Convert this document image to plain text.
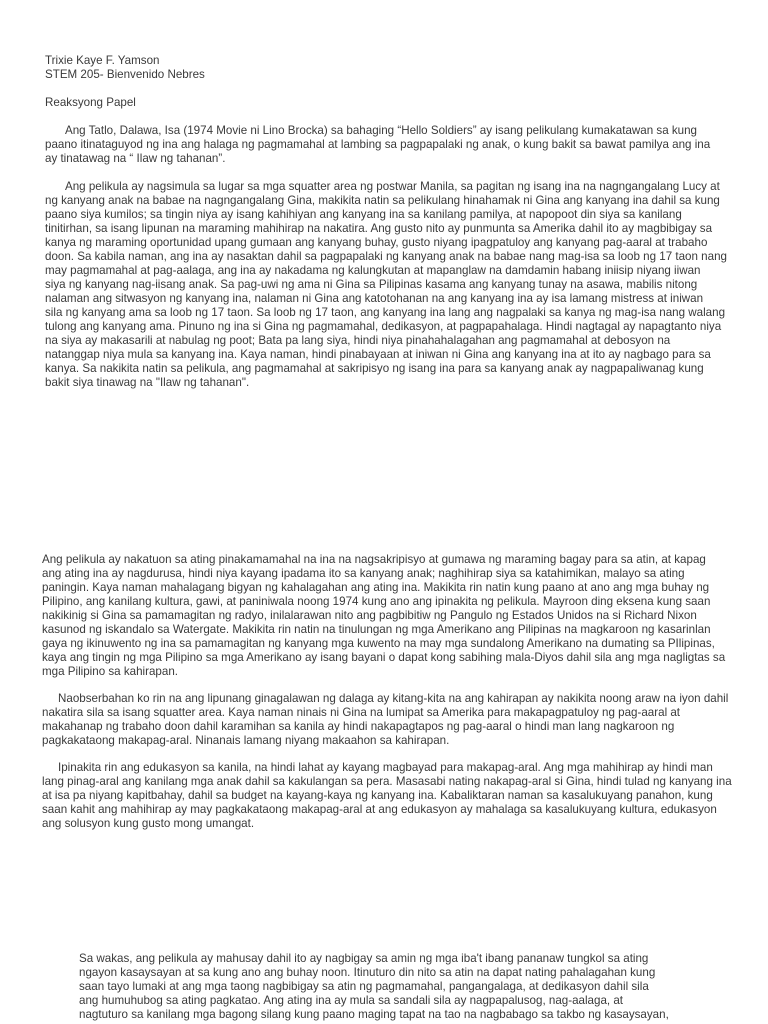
Trixie Kaye F. Yamson
STEM 205- Bienvenido Nebres
Reaksyong Papel
Ang Tatlo, Dalawa, Isa (1974 Movie ni Lino Brocka) sa bahaging “Hello Soldiers” ay isang pelikulang kumakatawan sa kung
paano itinataguyod ng ina ang halaga ng pagmamahal at lambing sa pagpapalaki ng anak, o kung bakit sa bawat pamilya ang ina
ay tinatawag na “ Ilaw ng tahanan”.
Ang pelikula ay nagsimula sa lugar sa mga squatter area ng postwar Manila, sa pagitan ng isang ina na nagngangalang Lucy at
ng kanyang anak na babae na nagngangalang Gina, makikita natin sa pelikulang hinahamak ni Gina ang kanyang ina dahil sa kung
paano siya kumilos; sa tingin niya ay isang kahihiyan ang kanyang ina sa kanilang pamilya, at napopoot din siya sa kanilang
tinitirhan, sa isang lipunan na maraming mahihirap na nakatira. Ang gusto nito ay punmunta sa Amerika dahil ito ay magbibigay sa
kanya ng maraming oportunidad upang gumaan ang kanyang buhay, gusto niyang ipagpatuloy ang kanyang pag-aaral at trabaho
doon. Sa kabila naman, ang ina ay nasaktan dahil sa pagpapalaki ng kanyang anak na babae nang mag-isa sa loob ng 17 taon nang
may pagmamahal at pag-aalaga, ang ina ay nakadama ng kalungkutan at mapanglaw na damdamin habang iniisip niyang iiwan
siya ng kanyang nag-iisang anak. Sa pag-uwi ng ama ni Gina sa Pilipinas kasama ang kanyang tunay na asawa, mabilis nitong
nalaman ang sitwasyon ng kanyang ina, nalaman ni Gina ang katotohanan na ang kanyang ina ay isa lamang mistress at iniwan
sila ng kanyang ama sa loob ng 17 taon. Sa loob ng 17 taon, ang kanyang ina lang ang nagpalaki sa kanya ng mag-isa nang walang
tulong ang kanyang ama. Pinuno ng ina si Gina ng pagmamahal, dedikasyon, at pagpapahalaga. Hindi nagtagal ay napagtanto niya
na siya ay makasarili at nabulag ng poot; Bata pa lang siya, hindi niya pinahahalagahan ang pagmamahal at debosyon na
natanggap niya mula sa kanyang ina. Kaya naman, hindi pinabayaan at iniwan ni Gina ang kanyang ina at ito ay nagbago para sa
kanya. Sa nakikita natin sa pelikula, ang pagmamahal at sakripisyo ng isang ina para sa kanyang anak ay nagpapaliwanag kung
bakit siya tinawag na "Ilaw ng tahanan".
Ang pelikula ay nakatuon sa ating pinakamamahal na ina na nagsakripisyo at gumawa ng maraming bagay para sa atin, at kapag
ang ating ina ay nagdurusa, hindi niya kayang ipadama ito sa kanyang anak; naghihirap siya sa katahimikan, malayo sa ating
paningin. Kaya naman mahalagang bigyan ng kahalagahan ang ating ina. Makikita rin natin kung paano at ano ang mga buhay ng
Pilipino, ang kanilang kultura, gawi, at paniniwala noong 1974 kung ano ang ipinakita ng pelikula. Mayroon ding eksena kung saan
nakikinig si Gina sa pamamagitan ng radyo, inilalarawan nito ang pagbibitiw ng Pangulo ng Estados Unidos na si Richard Nixon
kasunod ng iskandalo sa Watergate. Makikita rin natin na tinulungan ng mga Amerikano ang Pilipinas na magkaroon ng kasarinlan
gaya ng ikinuwento ng ina sa pamamagitan ng kanyang mga kuwento na may mga sundalong Amerikano na dumating sa PIlipinas,
kaya ang tingin ng mga Pilipino sa mga Amerikano ay isang bayani o dapat kong sabihing mala-Diyos dahil sila ang mga nagligtas sa
mga Pilipino sa kahirapan.
Naobserbahan ko rin na ang lipunang ginagalawan ng dalaga ay kitang-kita na ang kahirapan ay nakikita noong araw na iyon dahil
nakatira sila sa isang squatter area. Kaya naman ninais ni Gina na lumipat sa Amerika para makapagpatuloy ng pag-aaral at
makahanap ng trabaho doon dahil karamihan sa kanila ay hindi nakapagtapos ng pag-aaral o hindi man lang nagkaroon ng
pagkakataong makapag-aral. Ninanais lamang niyang makaahon sa kahirapan.
Ipinakita rin ang edukasyon sa kanila, na hindi lahat ay kayang magbayad para makapag-aral. Ang mga mahihirap ay hindi man
lang pinag-aral ang kanilang mga anak dahil sa kakulangan sa pera. Masasabi nating nakapag-aral si Gina, hindi tulad ng kanyang ina
at isa pa niyang kapitbahay, dahil sa budget na kayang-kaya ng kanyang ina. Kabaliktaran naman sa kasalukuyang panahon, kung
saan kahit ang mahihirap ay may pagkakataong makapag-aral at ang edukasyon ay mahalaga sa kasalukuyang kultura, edukasyon
ang solusyon kung gusto mong umangat.
Sa wakas, ang pelikula ay mahusay dahil ito ay nagbigay sa amin ng mga iba't ibang pananaw tungkol sa ating
ngayon kasaysayan at sa kung ano ang buhay noon. Itinuturo din nito sa atin na dapat nating pahalagahan kung
saan tayo lumaki at ang mga taong nagbibigay sa atin ng pagmamahal, pangangalaga, at dedikasyon dahil sila
ang humuhubog sa ating pagkatao. Ang ating ina ay mula sa sandali sila ay nagpapalusog, nag-aalaga, at
nagtuturo sa kanilang mga bagong silang kung paano maging tapat na tao na nagbabago sa takbo ng kasaysayan,
